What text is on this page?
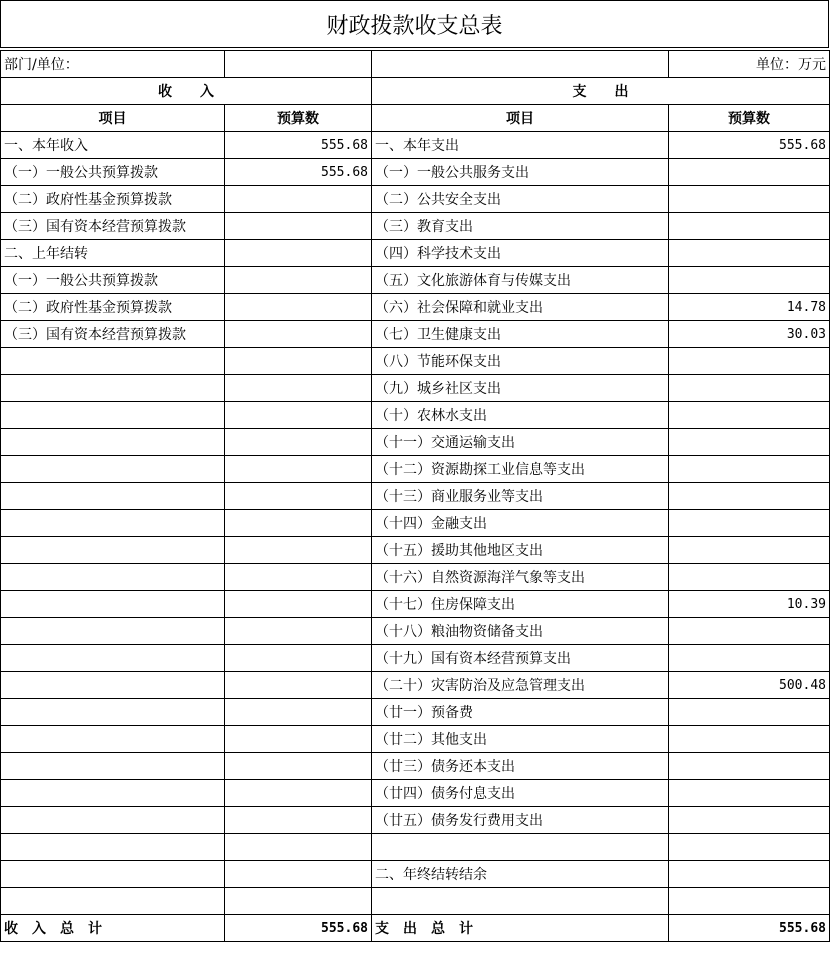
财政拨款收支总表
部门/单位：			单位：万元
收　　入		支　　出	
项目	预算数	项目	预算数
一、本年收入	555.68	一、本年支出	555.68
（一）一般公共预算拨款	555.68	（一）一般公共服务支出	
（二）政府性基金预算拨款		（二）公共安全支出	
（三）国有资本经营预算拨款		（三）教育支出	
二、上年结转		（四）科学技术支出	
（一）一般公共预算拨款		（五）文化旅游体育与传媒支出	
（二）政府性基金预算拨款		（六）社会保障和就业支出	14.78
（三）国有资本经营预算拨款		（七）卫生健康支出	30.03
		（八）节能环保支出	
		（九）城乡社区支出	
		（十）农林水支出	
		（十一）交通运输支出	
		（十二）资源勘探工业信息等支出	
		（十三）商业服务业等支出	
		（十四）金融支出	
		（十五）援助其他地区支出	
		（十六）自然资源海洋气象等支出	
		（十七）住房保障支出	10.39
		（十八）粮油物资储备支出	
		（十九）国有资本经营预算支出	
		（二十）灾害防治及应急管理支出	500.48
		（廿一）预备费	
		（廿二）其他支出	
		（廿三）债务还本支出	
		（廿四）债务付息支出	
		（廿五）债务发行费用支出	

		二、年终结转结余	

收　入　总　计	555.68	支　出　总　计	555.68
